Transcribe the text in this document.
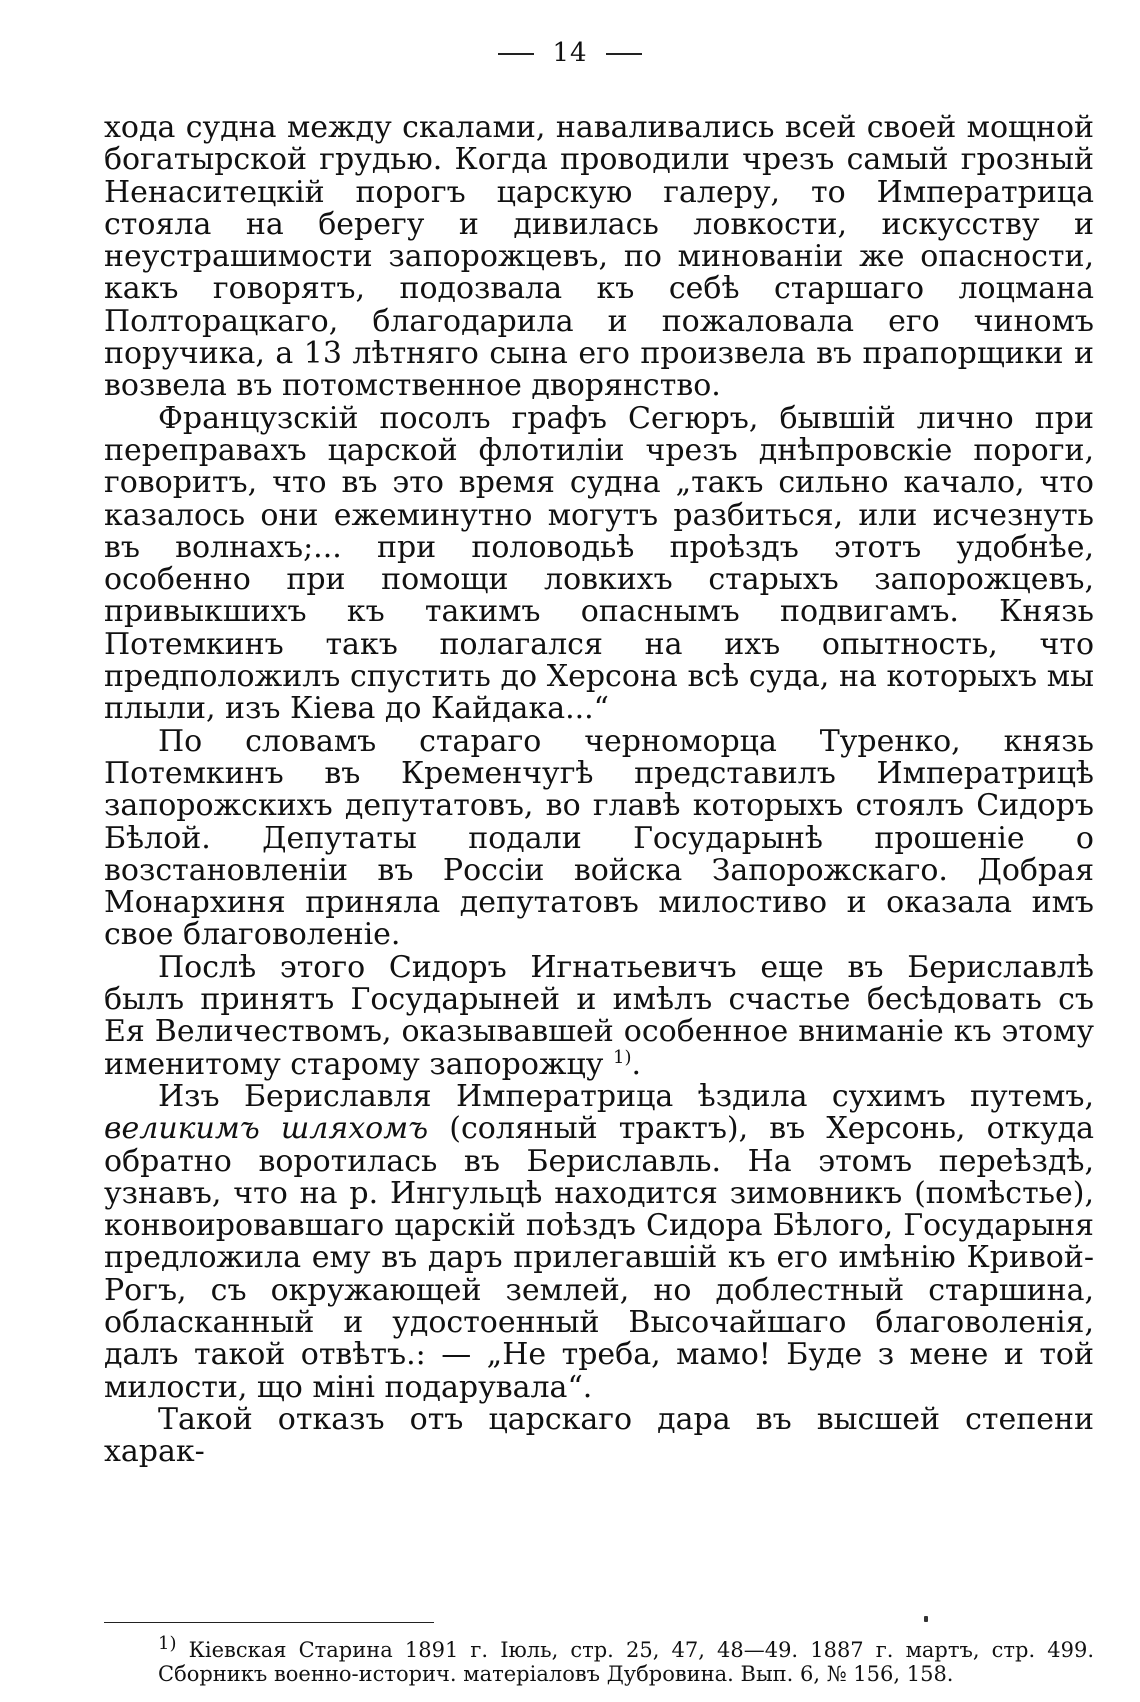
14

хода судна между скалами, наваливались всей своей мощной богатырской грудью. Когда проводили чрезъ самый грозный Ненаситецкій порогъ царскую галеру, то Императрица стояла на берегу и дивилась ловкости, искусству и неустрашимости запорожцевъ, по минованіи же опасности, какъ говорятъ, подозвала къ себѣ старшаго лоцмана Полторацкаго, благодарила и пожаловала его чиномъ поручика, а 13 лѣтняго сына его произвела въ прапорщики и возвела въ потомственное дворянство.

Французскій посолъ графъ Сегюръ, бывшій лично при переправахъ царской флотиліи чрезъ днѣпровскіе пороги, говоритъ, что въ это время судна „такъ сильно качало, что казалось они ежеминутно могутъ разбиться, или исчезнуть въ волнахъ;... при половодьѣ проѣздъ этотъ удобнѣе, особенно при помощи ловкихъ старыхъ запорожцевъ, привыкшихъ къ такимъ опаснымъ подвигамъ. Князь Потемкинъ такъ полагался на ихъ опытность, что предположилъ спустить до Херсона всѣ суда, на которыхъ мы плыли, изъ Кіева до Кайдака...“

По словамъ стараго черноморца Туренко, князь Потемкинъ въ Кременчугѣ представилъ Императрицѣ запорожскихъ депутатовъ, во главѣ которыхъ стоялъ Сидоръ Бѣлой. Депутаты подали Государынѣ прошеніе о возстановленіи въ Россіи войска Запорожскаго. Добрая Монархиня приняла депутатовъ милостиво и оказала имъ свое благоволеніе.

Послѣ этого Сидоръ Игнатьевичъ еще въ Бериславлѣ былъ принятъ Государыней и имѣлъ счастье бесѣдовать съ Ея Величествомъ, оказывавшей особенное вниманіе къ этому именитому старому запорожцу $^{1)}$.

Изъ Бериславля Императрица ѣздила сухимъ путемъ, великимъ шляхомъ (соляный трактъ), въ Херсонь, откуда обратно воротилась въ Бериславль. На этомъ переѣздѣ, узнавъ, что на р. Ингульцѣ находится зимовникъ (помѣстье), конвоировавшаго царскій поѣздъ Сидора Бѣлого, Государыня предложила ему въ даръ прилегавшій къ его имѣнію Кривой-Рогъ, съ окружающей землей, но доблестный старшина, обласканный и удостоенный Высочайшаго благоволенія, далъ такой отвѣтъ.: — „Не треба, мамо! Буде з мене и той милости, що міні подарувала“.

Такой отказъ отъ царскаго дара въ высшей степени харак-

$^{1)}$ Кіевская Старина 1891 г. Іюль, стр. 25, 47, 48—49. 1887 г. мартъ, стр. 499. Сборникъ военно-историч. матеріаловъ Дубровина. Вып. 6, № 156, 158.
